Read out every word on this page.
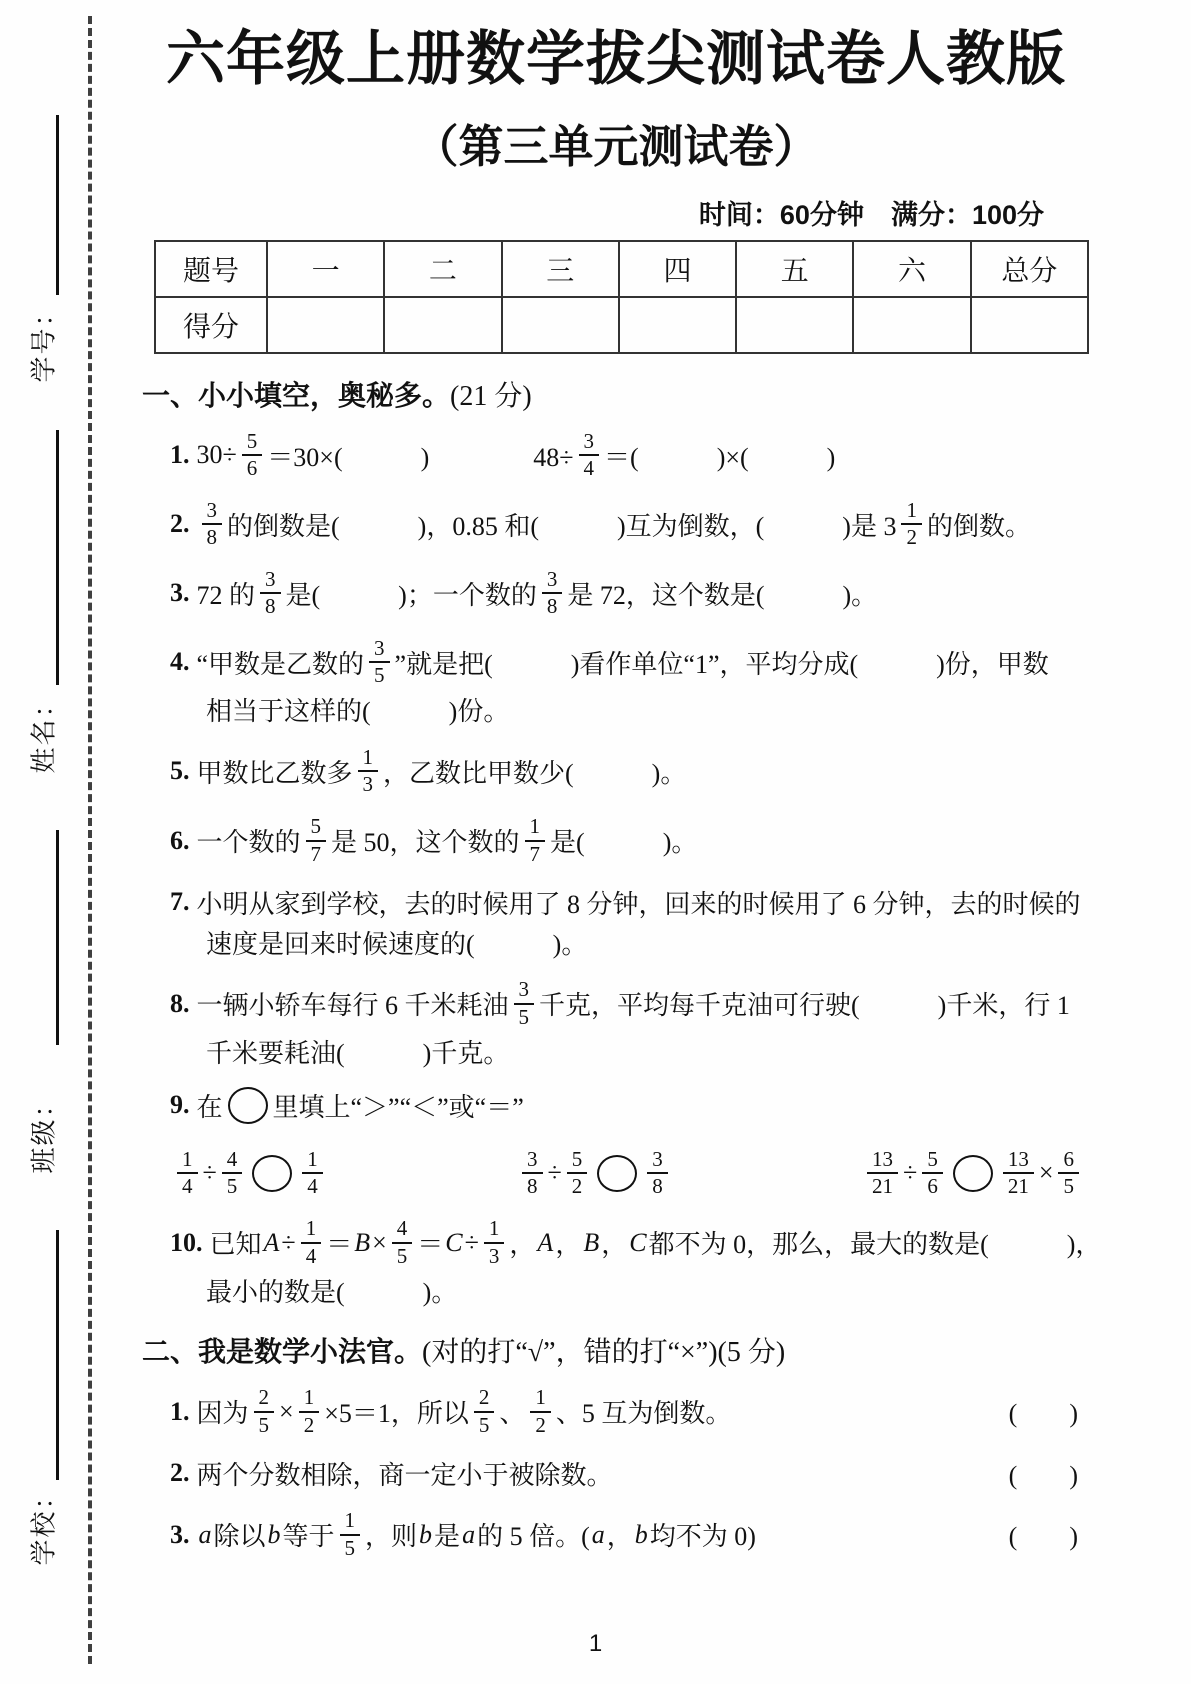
学号：
姓名：
班级：
学校：
六年级上册数学拔尖测试卷人教版
（第三单元测试卷）
时间：60分钟　满分：100分
题号	一	二	三	四	五	六	总分
得分							
一、小小填空，奥秘多。(21 分)
1. $30\div \frac{5}{6} =30\times$(　　　)　　　　$48\div \frac{3}{4}$ ＝(　　　)×(　　　)
2. $\frac{3}{8}$ 的倒数是(　　　)，0.85 和(　　　)互为倒数，(　　　)是 $3 \frac{1}{2}$ 的倒数。
3. 72 的 $\frac{3}{8}$ 是(　　　)；一个数的 $\frac{3}{8}$ 是 72，这个数是(　　　)。
4. “甲数是乙数的 $\frac{3}{5}$ ”就是把(　　　)看作单位“1”，平均分成(　　　)份，甲数
相当于这样的(　　　)份。
5. 甲数比乙数多 $\frac{1}{3}$ ，乙数比甲数少(　　　)。
6. 一个数的 $\frac{5}{7}$ 是 50，这个数的 $\frac{1}{7}$ 是(　　　)。
7. 小明从家到学校，去的时候用了 8 分钟，回来的时候用了 6 分钟，去的时候的
速度是回来时候速度的(　　　)。
8. 一辆小轿车每行 6 千米耗油 $\frac{3}{5}$ 千克，平均每千克油可行驶(　　　)千米，行 1
千米要耗油(　　　)千克。
9. 在 里填上“＞”“＜”或“＝”
$\frac{1}{4} \div \frac{4}{5}$	$\frac{1}{4}$	$\frac{3}{8} \div \frac{5}{2}$	$\frac{3}{8}$	$\frac{13}{21} \div \frac{5}{6}$	$\frac{13}{21} \times \frac{6}{5}$
10. 已知 $A \div \frac{1}{4} = B \times \frac{4}{5} = C \div \frac{1}{3}$ ， A ， B ， C 都不为 0，那么，最大的数是(　　　)，
最小的数是(　　　)。
二、我是数学小法官。(对的打“√”，错的打“×”)(5 分)
1. 因为 $\frac{2}{5} \times \frac{1}{2} \times 5=1$，所以 $\frac{2}{5}$ 、 $\frac{1}{2}$ 、5 互为倒数。	(　　)
2. 两个分数相除，商一定小于被除数。	(　　)
3. a 除以 b 等于 $\frac{1}{5}$ ，则 b 是 a 的 5 倍。( a ， b 均不为 0)	(　　)
1
